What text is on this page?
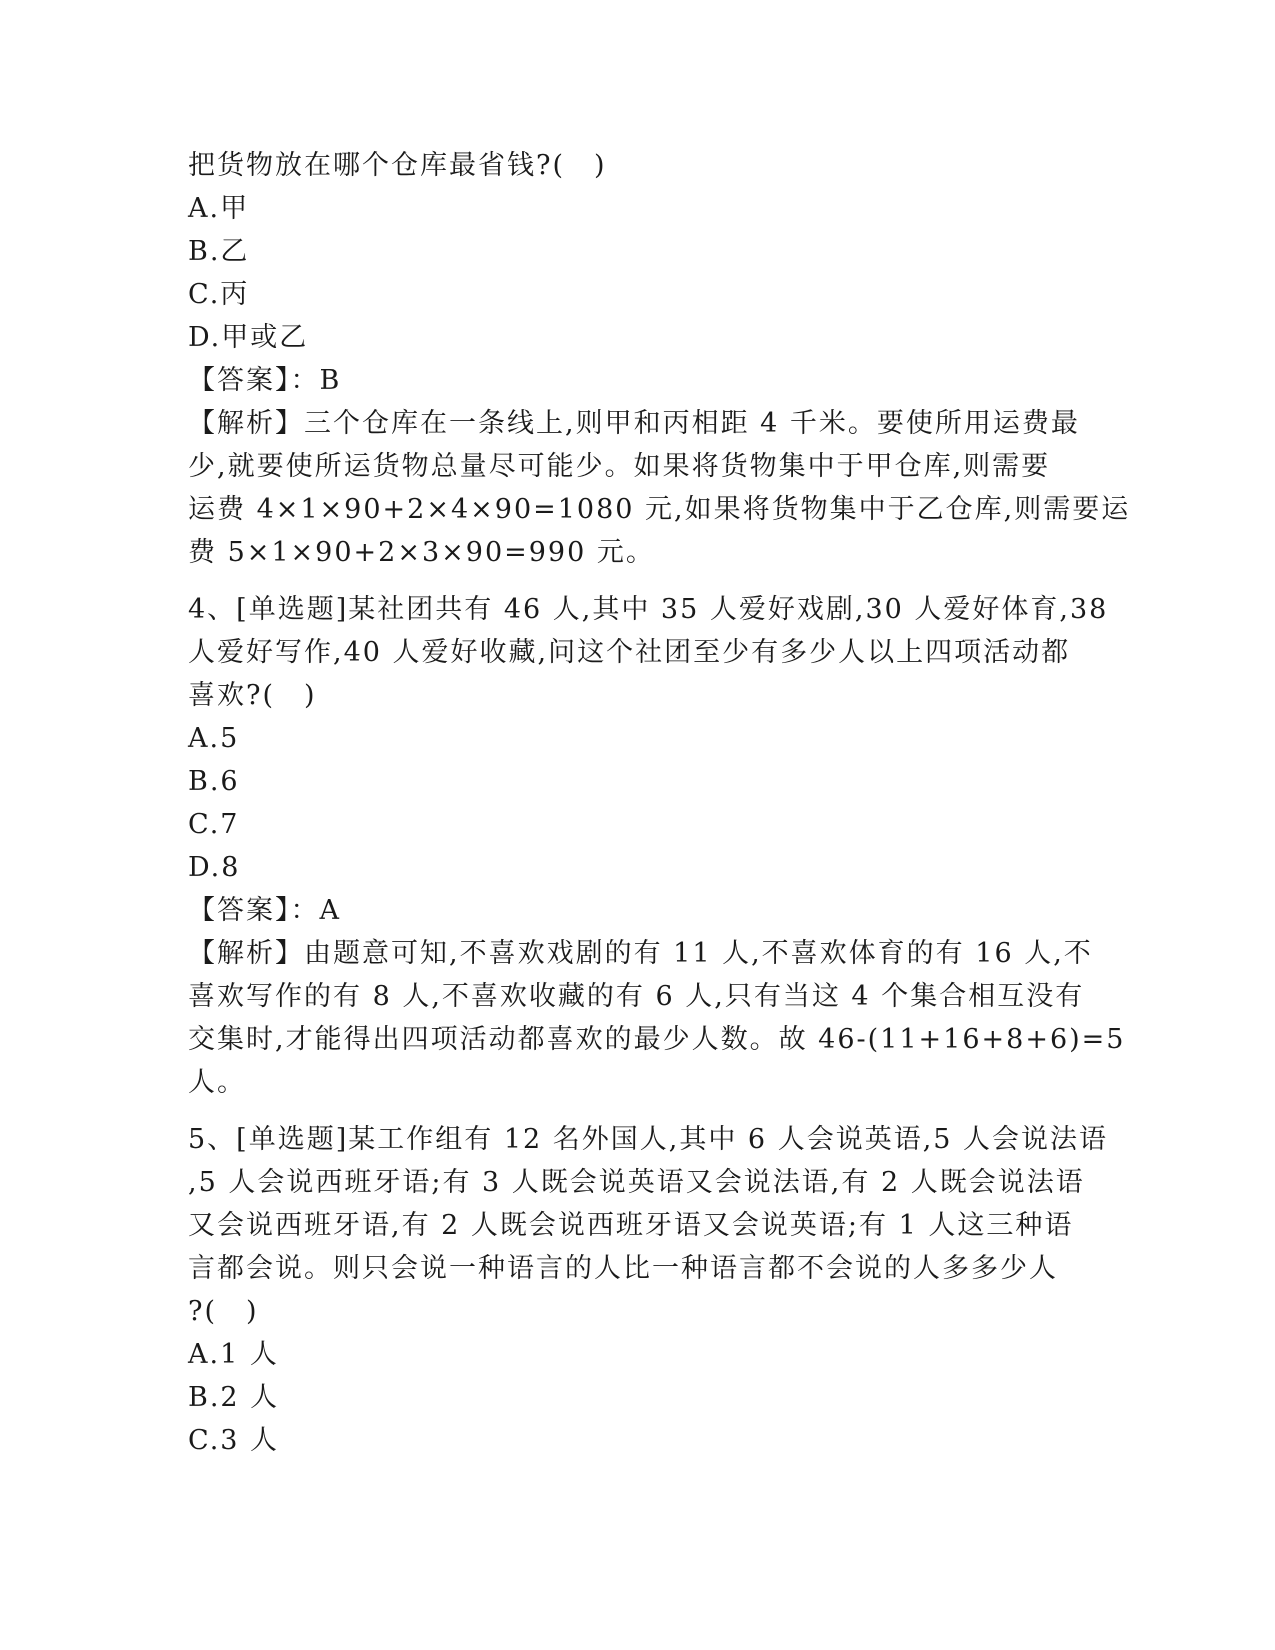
把货物放在哪个仓库最省钱?(　)
A.甲
B.乙
C.丙
D.甲或乙
【答案】：B
【解析】三个仓库在一条线上,则甲和丙相距 4 千米。要使所用运费最
少,就要使所运货物总量尽可能少。如果将货物集中于甲仓库,则需要
运费 4×1×90+2×4×90=1080 元,如果将货物集中于乙仓库,则需要运
费 5×1×90+2×3×90=990 元。
4、[单选题]某社团共有 46 人,其中 35 人爱好戏剧,30 人爱好体育,38
人爱好写作,40 人爱好收藏,问这个社团至少有多少人以上四项活动都
喜欢?(　)
A.5
B.6
C.7
D.8
【答案】：A
【解析】由题意可知,不喜欢戏剧的有 11 人,不喜欢体育的有 16 人,不
喜欢写作的有 8 人,不喜欢收藏的有 6 人,只有当这 4 个集合相互没有
交集时,才能得出四项活动都喜欢的最少人数。故 46-(11+16+8+6)=5
人。
5、[单选题]某工作组有 12 名外国人,其中 6 人会说英语,5 人会说法语
,5 人会说西班牙语;有 3 人既会说英语又会说法语,有 2 人既会说法语
又会说西班牙语,有 2 人既会说西班牙语又会说英语;有 1 人这三种语
言都会说。则只会说一种语言的人比一种语言都不会说的人多多少人
?(　)
A.1 人
B.2 人
C.3 人
